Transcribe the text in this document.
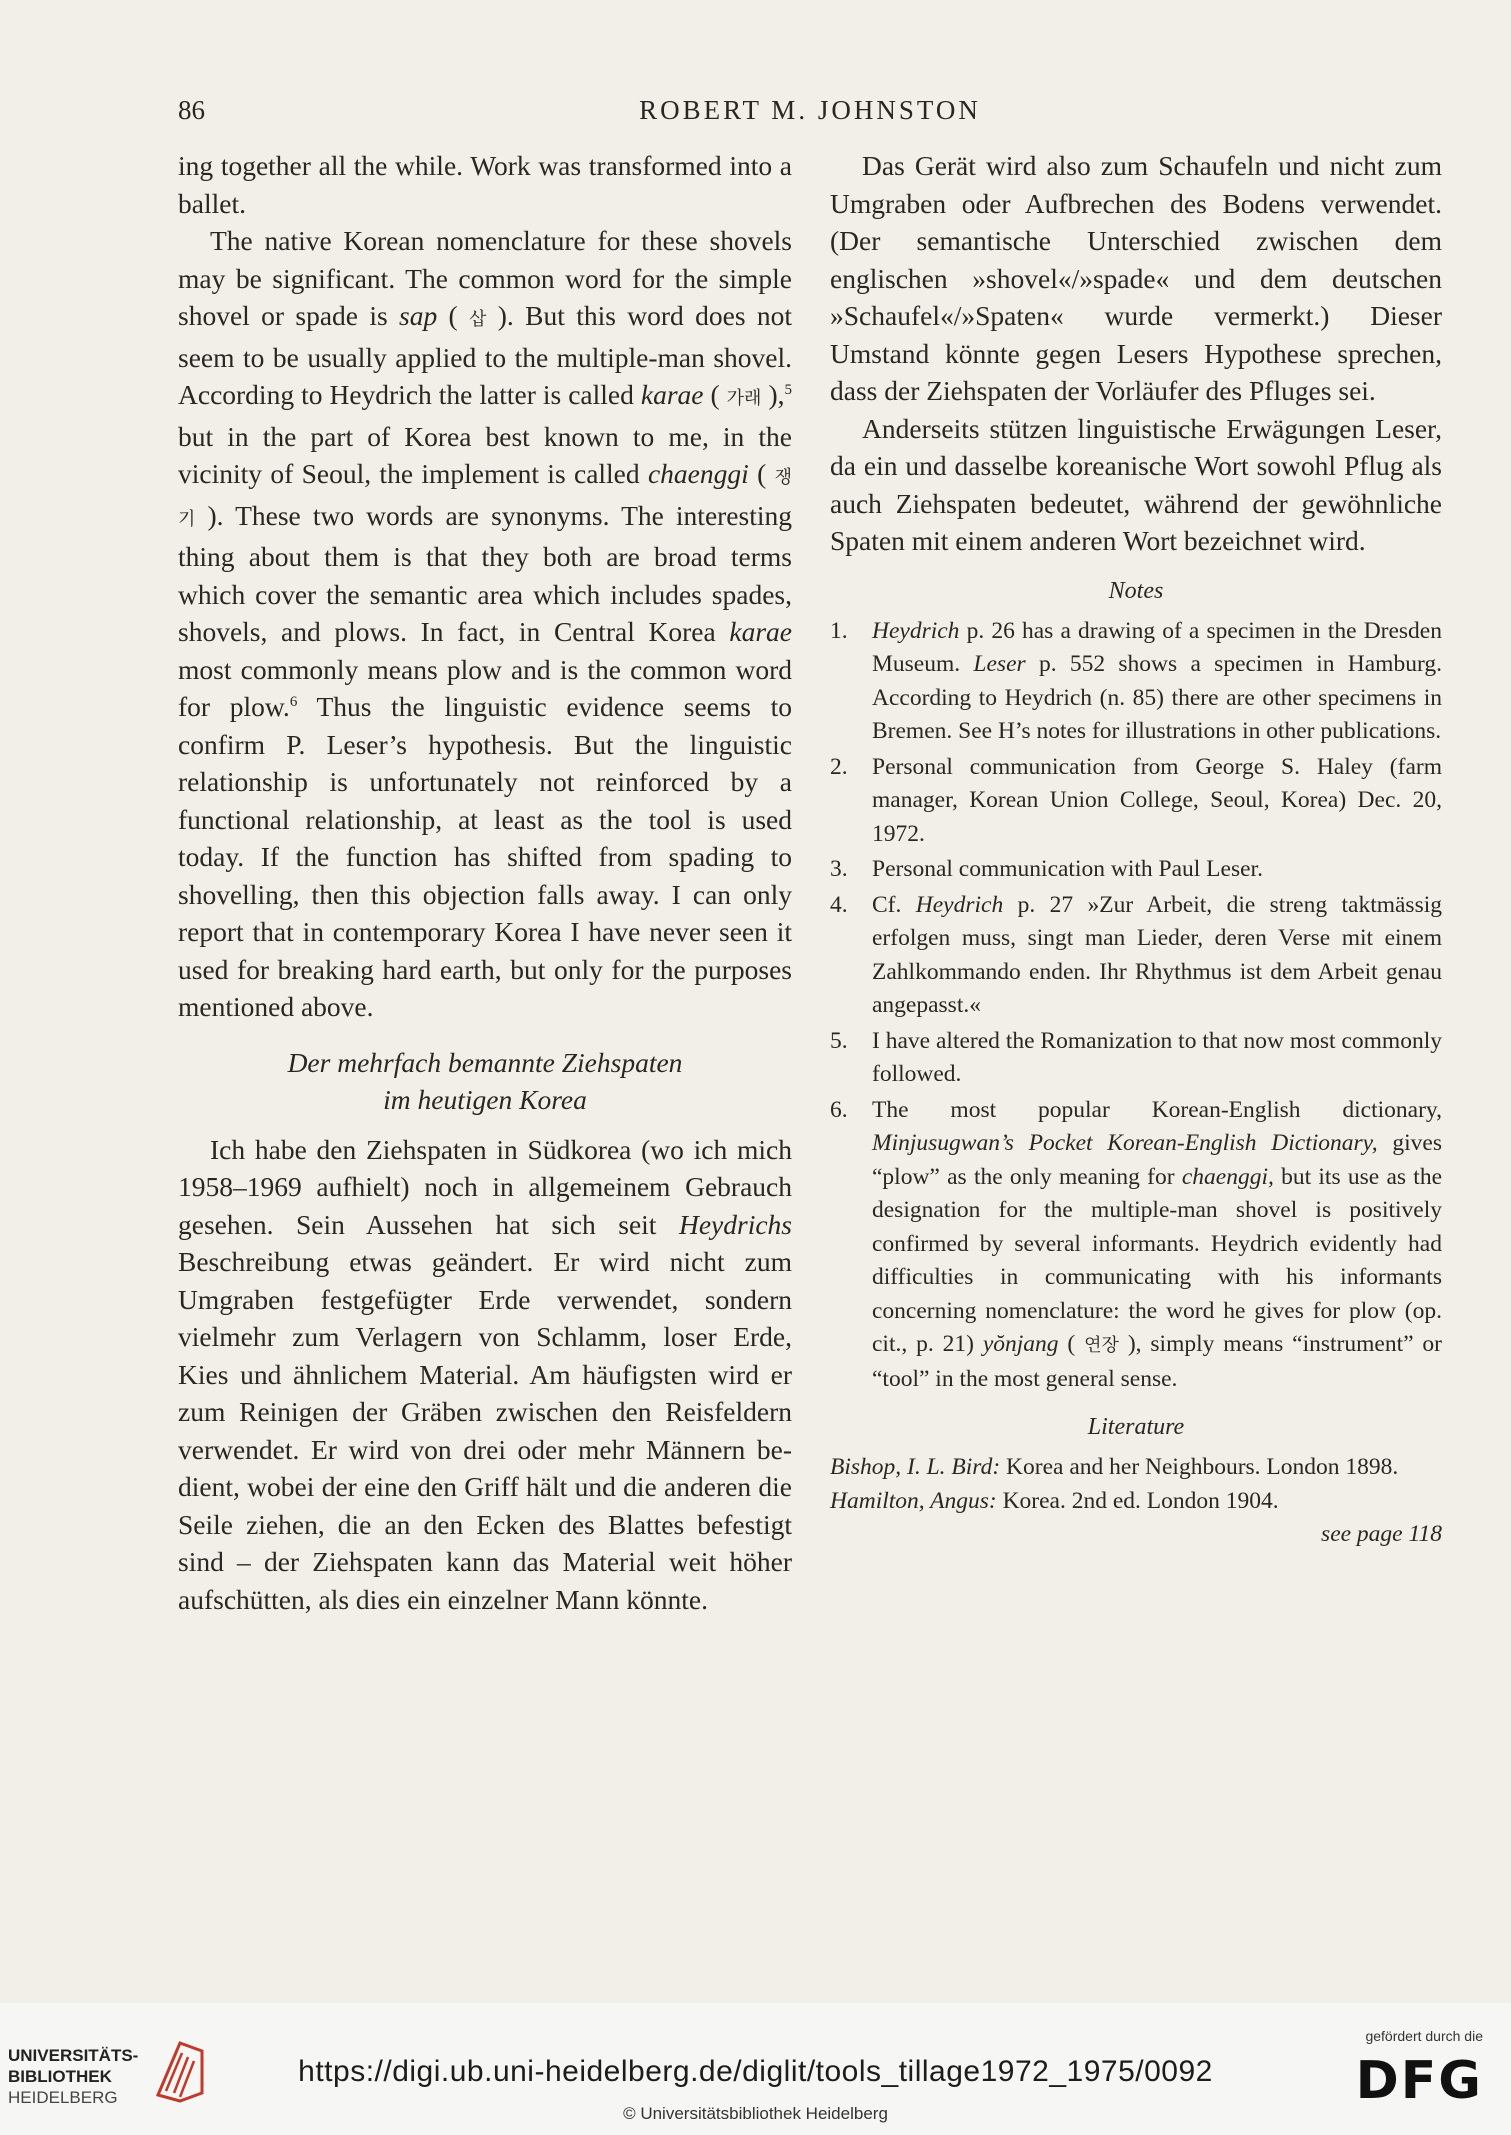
86	ROBERT M. JOHNSTON

ing together all the while. Work was transformed into a ballet.

The native Korean nomenclature for these shovels may be significant. The common word for the simple shovel or spade is sap ( 삽 ). But this word does not seem to be usually applied to the multiple-man shovel. According to Heydrich the latter is called karae ( 가래 ),$^5$ but in the part of Korea best known to me, in the vicinity of Seoul, the implement is called chaenggi ( 쟁기 ). These two words are synonyms. The interesting thing about them is that they both are broad terms which cover the semantic area which includes spades, shovels, and plows. In fact, in Central Korea karae most commonly means plow and is the common word for plow.$^6$ Thus the linguistic evidence seems to confirm P. Leser’s hypothesis. But the linguistic relationship is unfortunately not reinforced by a functional relationship, at least as the tool is used today. If the function has shifted from spading to shovelling, then this objection falls away. I can only report that in contemporary Korea I have never seen it used for breaking hard earth, but only for the purposes mentioned above.

Der mehrfach bemannte Ziehspaten
im heutigen Korea

Ich habe den Ziehspaten in Südkorea (wo ich mich 1958–1969 aufhielt) noch in allgemeinem Gebrauch gesehen. Sein Aussehen hat sich seit Heydrichs Beschreibung etwas geändert. Er wird nicht zum Umgraben festgefügter Erde verwendet, sondern vielmehr zum Verlagern von Schlamm, loser Erde, Kies und ähnlichem Material. Am häufigsten wird er zum Reinigen der Gräben zwischen den Reisfeldern verwendet. Er wird von drei oder mehr Männern bedient, wobei der eine den Griff hält und die anderen die Seile ziehen, die an den Ecken des Blattes befestigt sind – der Ziehspaten kann das Material weit höher aufschütten, als dies ein einzelner Mann könnte.

Das Gerät wird also zum Schaufeln und nicht zum Umgraben oder Aufbrechen des Bodens verwendet. (Der semantische Unterschied zwischen dem englischen »shovel«/»spade« und dem deutschen »Schaufel«/»Spaten« wurde vermerkt.) Dieser Umstand könnte gegen Lesers Hypothese sprechen, dass der Ziehspaten der Vorläufer des Pfluges sei.

Anderseits stützen linguistische Erwägungen Leser, da ein und dasselbe koreanische Wort sowohl Pflug als auch Ziehspaten bedeutet, während der gewöhnliche Spaten mit einem anderen Wort bezeichnet wird.

Notes
1. Heydrich p. 26 has a drawing of a specimen in the Dresden Museum. Leser p. 552 shows a specimen in Hamburg. According to Heydrich (n. 85) there are other specimens in Bremen. See H’s notes for illustrations in other publications.
2. Personal communication from George S. Haley (farm manager, Korean Union College, Seoul, Korea) Dec. 20, 1972.
3. Personal communication with Paul Leser.
4. Cf. Heydrich p. 27 »Zur Arbeit, die streng taktmässig erfolgen muss, singt man Lieder, deren Verse mit einem Zahlkommando enden. Ihr Rhythmus ist dem Arbeit genau angepasst.«
5. I have altered the Romanization to that now most commonly followed.
6. The most popular Korean-English dictionary, Minjusugwan’s Pocket Korean-English Dictionary, gives “plow” as the only meaning for chaenggi, but its use as the designation for the multiple-man shovel is positively confirmed by several informants. Heydrich evidently had difficulties in communicating with his informants concerning nomenclature: the word he gives for plow (op. cit., p. 21) yŏnjang ( 연장 ), simply means “instrument” or “tool” in the most general sense.
Literature
Bishop, I. L. Bird: Korea and her Neighbours. London 1898.
Hamilton, Angus: Korea. 2nd ed. London 1904.
see page 118
UNIVERSITÄTS-
BIBLIOTHEK
HEIDELBERG
https://digi.ub.uni-heidelberg.de/diglit/tools_tillage1972_1975/0092
© Universitätsbibliothek Heidelberg
gefördert durch die
DFG
